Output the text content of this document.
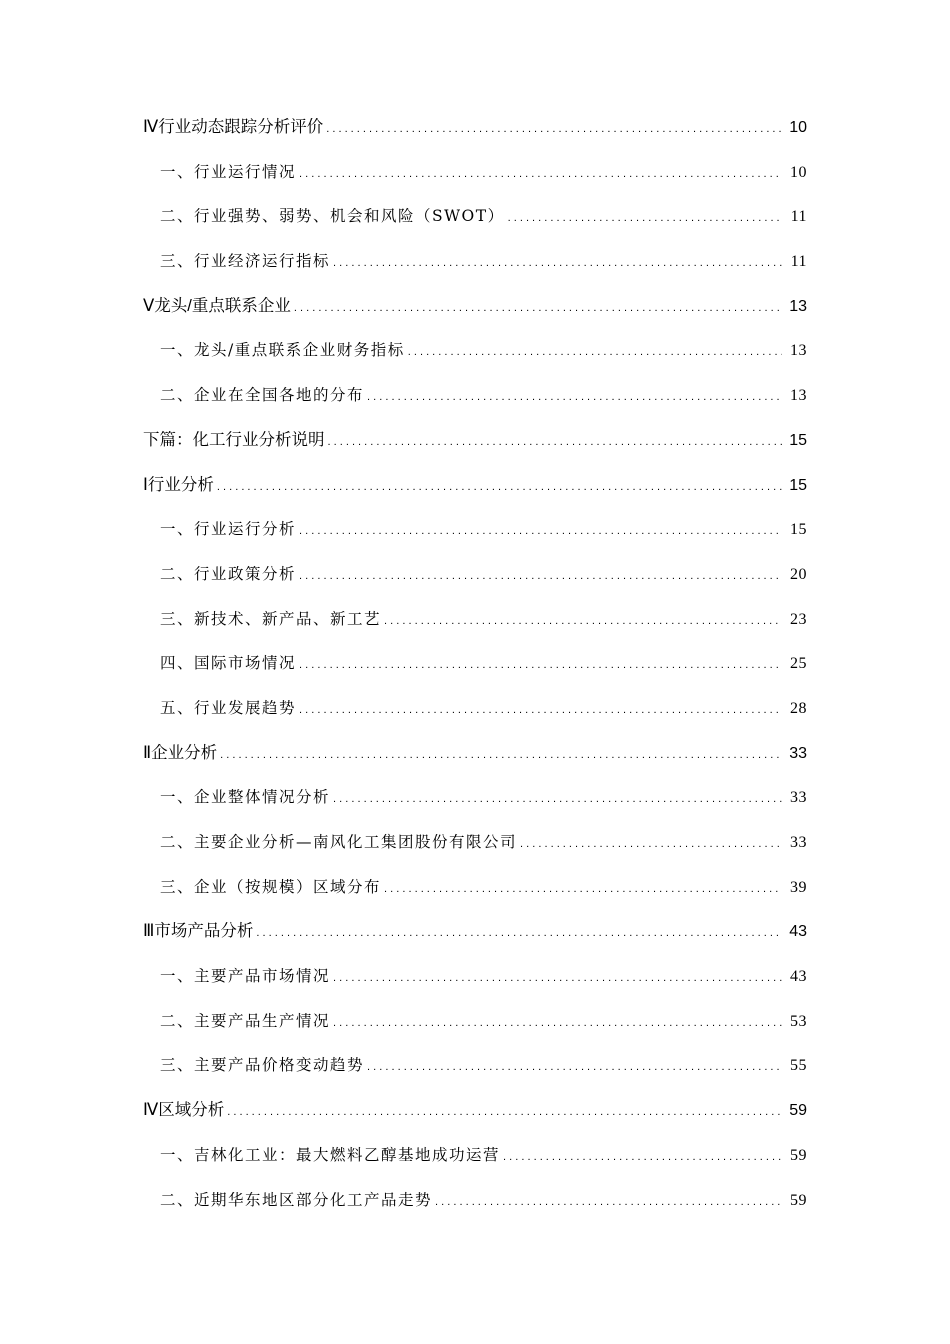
Ⅳ行业动态跟踪分析评价 . . .	10
一、行业运行情况 . . .	10
二、行业强势、弱势、机会和风险（SWOT） . . .	11
三、行业经济运行指标 . . .	11
Ⅴ龙头/重点联系企业 . . .	13
一、龙头/重点联系企业财务指标 . . .	13
二、企业在全国各地的分布 . . .	13
下篇：化工行业分析说明 . . .	15
Ⅰ行业分析 . . .	15
一、行业运行分析 . . .	15
二、行业政策分析 . . .	20
三、新技术、新产品、新工艺 . . .	23
四、国际市场情况 . . .	25
五、行业发展趋势 . . .	28
Ⅱ企业分析 . . .	33
一、企业整体情况分析 . . .	33
二、主要企业分析—南风化工集团股份有限公司 . . .	33
三、企业（按规模）区域分布 . . .	39
Ⅲ市场产品分析 . . .	43
一、主要产品市场情况 . . .	43
二、主要产品生产情况 . . .	53
三、主要产品价格变动趋势 . . .	55
Ⅳ区域分析 . . .	59
一、吉林化工业：最大燃料乙醇基地成功运营 . . .	59
二、近期华东地区部分化工产品走势 . . .	59
